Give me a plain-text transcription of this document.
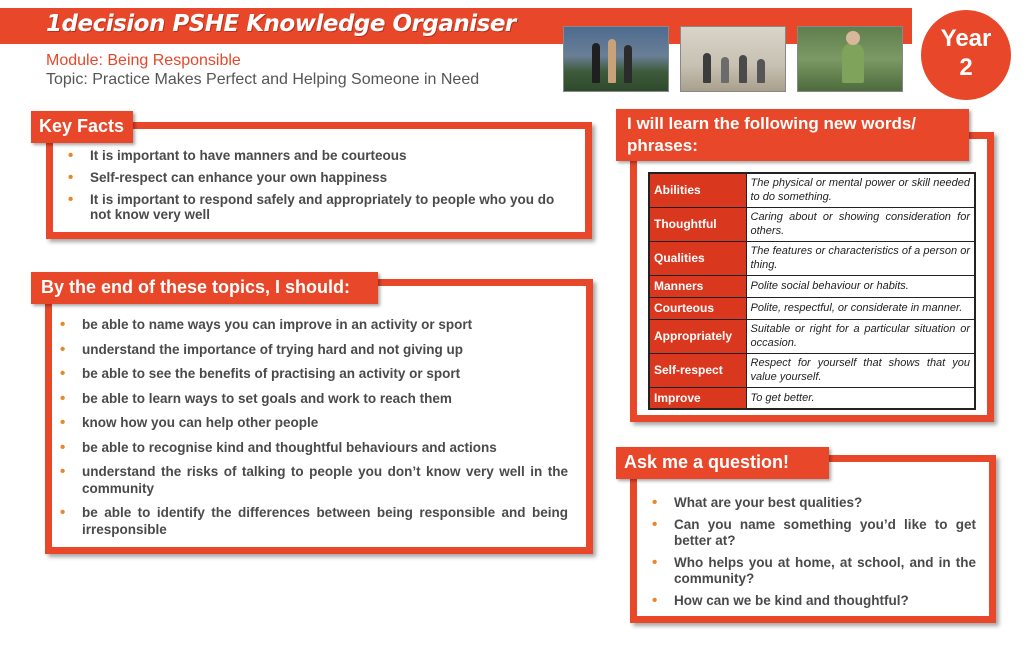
1decision PSHE Knowledge Organiser
Module: Being Responsible
Topic: Practice Makes Perfect and Helping Someone in Need
Year
2
Key Facts
• It is important to have manners and be courteous
• Self-respect can enhance your own happiness
• It is important to respond safely and appropriately to people who you do not know very well
By the end of these topics, I should:
• be able to name ways you can improve in an activity or sport
• understand the importance of trying hard and not giving up
• be able to see the benefits of practising an activity or sport
• be able to learn ways to set goals and work to reach them
• know how you can help other people
• be able to recognise kind and thoughtful behaviours and actions
• understand the risks of talking to people you don’t know very well in the community
• be able to identify the differences between being responsible and being irresponsible
I will learn the following new words/ phrases:
Abilities	The physical or mental power or skill needed to do something.
Thoughtful	Caring about or showing consideration for others.
Qualities	The features or characteristics of a person or thing.
Manners	Polite social behaviour or habits.
Courteous	Polite, respectful, or considerate in manner.
Appropriately	Suitable or right for a particular situation or occasion.
Self-respect	Respect for yourself that shows that you value yourself.
Improve	To get better.
Ask me a question!
• What are your best qualities?
• Can you name something you’d like to get better at?
• Who helps you at home, at school, and in the community?
• How can we be kind and thoughtful?
